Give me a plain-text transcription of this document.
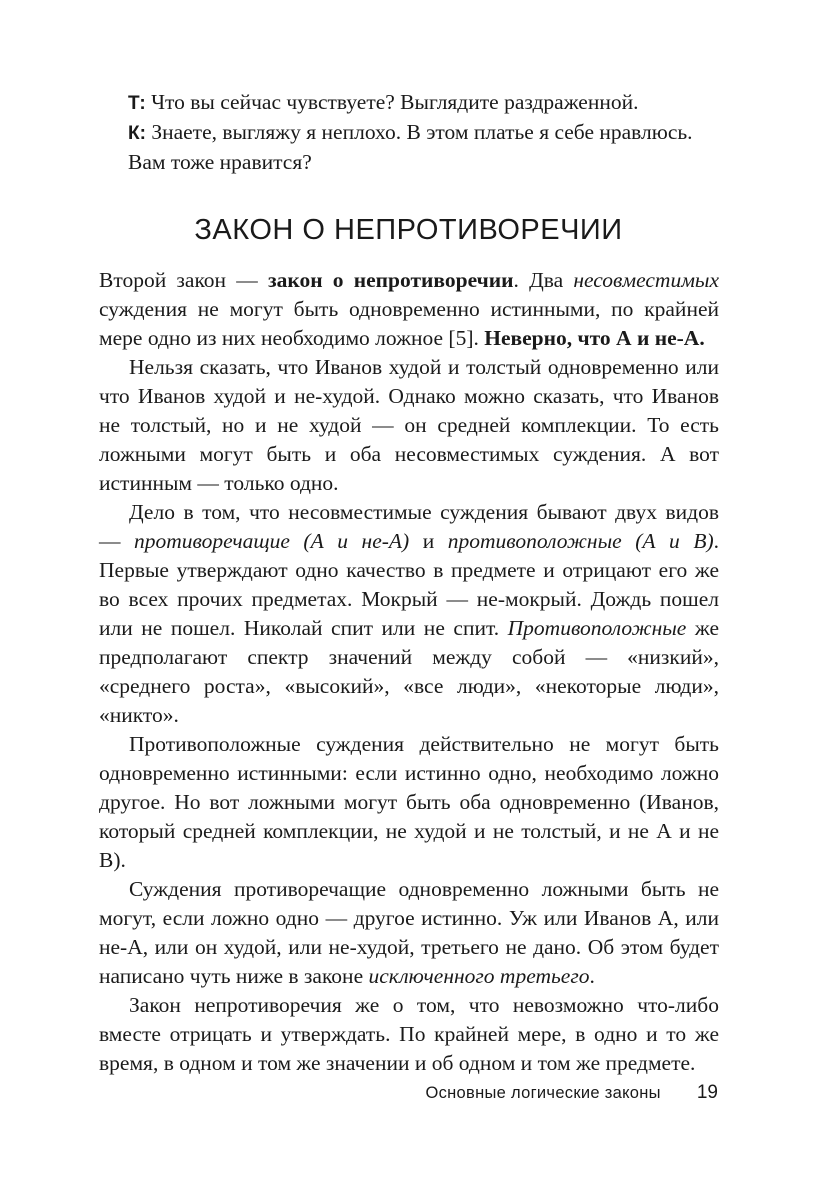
Т: Что вы сейчас чувствуете? Выглядите раздраженной.

К: Знаете, выгляжу я неплохо. В этом платье я себе нравлюсь.

Вам тоже нравится?

ЗАКОН О НЕПРОТИВОРЕЧИИ

Второй закон — закон о непротиворечии. Два несовместимых суждения не могут быть одновременно истинными, по крайней мере одно из них необходимо ложное [5]. Неверно, что А и не-А.

Нельзя сказать, что Иванов худой и толстый одновременно или что Иванов худой и не-худой. Однако можно сказать, что Иванов не толстый, но и не худой — он средней комплекции. То есть ложными могут быть и оба несовместимых суждения. А вот истинным — только одно.

Дело в том, что несовместимые суждения бывают двух видов — противоречащие (А и не-А) и противоположные (А и В). Первые утверждают одно качество в предмете и отрицают его же во всех прочих предметах. Мокрый — не-мокрый. Дождь пошел или не пошел. Николай спит или не спит. Противоположные же предполагают спектр значений между собой — «низкий», «среднего роста», «высокий», «все люди», «некоторые люди», «никто».

Противоположные суждения действительно не могут быть одновременно истинными: если истинно одно, необходимо ложно другое. Но вот ложными могут быть оба одновременно (Иванов, который средней комплекции, не худой и не толстый, и не А и не В).

Суждения противоречащие одновременно ложными быть не могут, если ложно одно — другое истинно. Уж или Иванов А, или не-А, или он худой, или не-худой, третьего не дано. Об этом будет написано чуть ниже в законе исключенного третьего.

Закон непротиворечия же о том, что невозможно что-либо вместе отрицать и утверждать. По крайней мере, в одно и то же время, в одном и том же значении и об одном и том же предмете.

Основные логические законы 19
